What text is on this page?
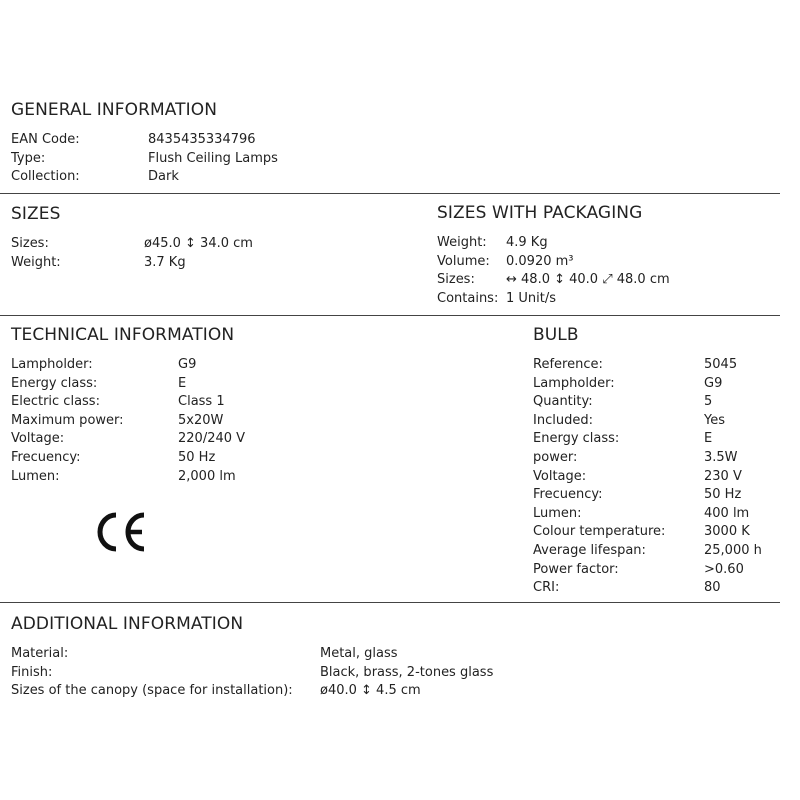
GENERAL INFORMATION
EAN Code:	8435435334796
Type:	Flush Ceiling Lamps
Collection:	Dark
SIZES
Sizes:	ø45.0 ↕ 34.0 cm
Weight:	3.7 Kg
SIZES WITH PACKAGING
Weight: 4.9 Kg
Volume: 0.0920 m³
Sizes: ↔ 48.0 ↕ 40.0 ⤢ 48.0 cm
Contains: 1 Unit/s
TECHNICAL INFORMATION
Lampholder:	G9
Energy class:	E
Electric class:	Class 1
Maximum power:	5x20W
Voltage:	220/240 V
Frecuency:	50 Hz
Lumen:	2,000 lm
BULB
Reference:	5045
Lampholder:	G9
Quantity:	5
Included:	Yes
Energy class:	E
power:	3.5W
Voltage:	230 V
Frecuency:	50 Hz
Lumen:	400 lm
Colour temperature:	3000 K
Average lifespan:	25,000 h
Power factor:	>0.60
CRI:	80
ADDITIONAL INFORMATION
Material:	Metal, glass
Finish:	Black, brass, 2-tones glass
Sizes of the canopy (space for installation): ø40.0 ↕ 4.5 cm
